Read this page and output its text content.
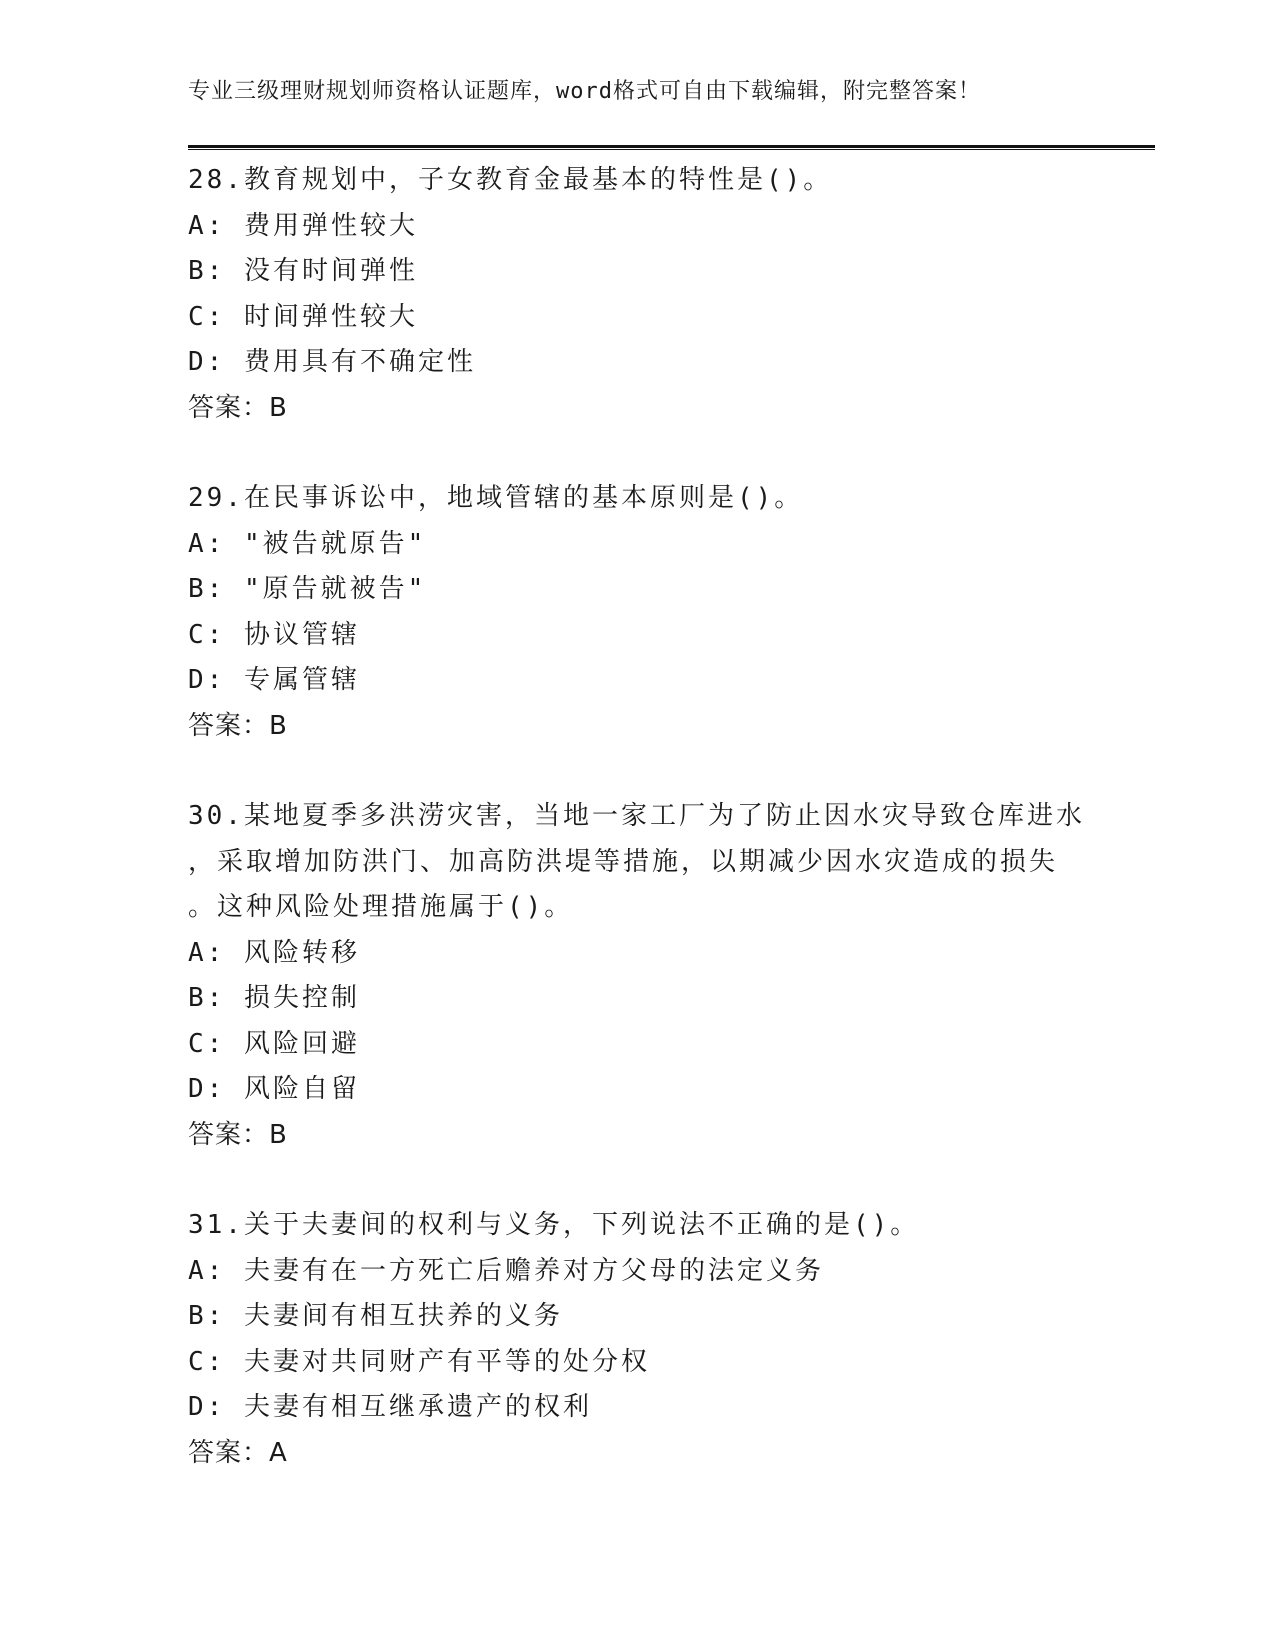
专业三级理财规划师资格认证题库，word格式可自由下载编辑，附完整答案！
28.教育规划中，子女教育金最基本的特性是()。
A: 费用弹性较大
B: 没有时间弹性
C: 时间弹性较大
D: 费用具有不确定性
答案：B
29.在民事诉讼中，地域管辖的基本原则是()。
A: "被告就原告"
B: "原告就被告"
C: 协议管辖
D: 专属管辖
答案：B
30.某地夏季多洪涝灾害，当地一家工厂为了防止因水灾导致仓库进水
，采取增加防洪门、加高防洪堤等措施，以期减少因水灾造成的损失
。这种风险处理措施属于()。
A: 风险转移
B: 损失控制
C: 风险回避
D: 风险自留
答案：B
31.关于夫妻间的权利与义务，下列说法不正确的是()。
A: 夫妻有在一方死亡后赡养对方父母的法定义务
B: 夫妻间有相互扶养的义务
C: 夫妻对共同财产有平等的处分权
D: 夫妻有相互继承遗产的权利
答案：A
